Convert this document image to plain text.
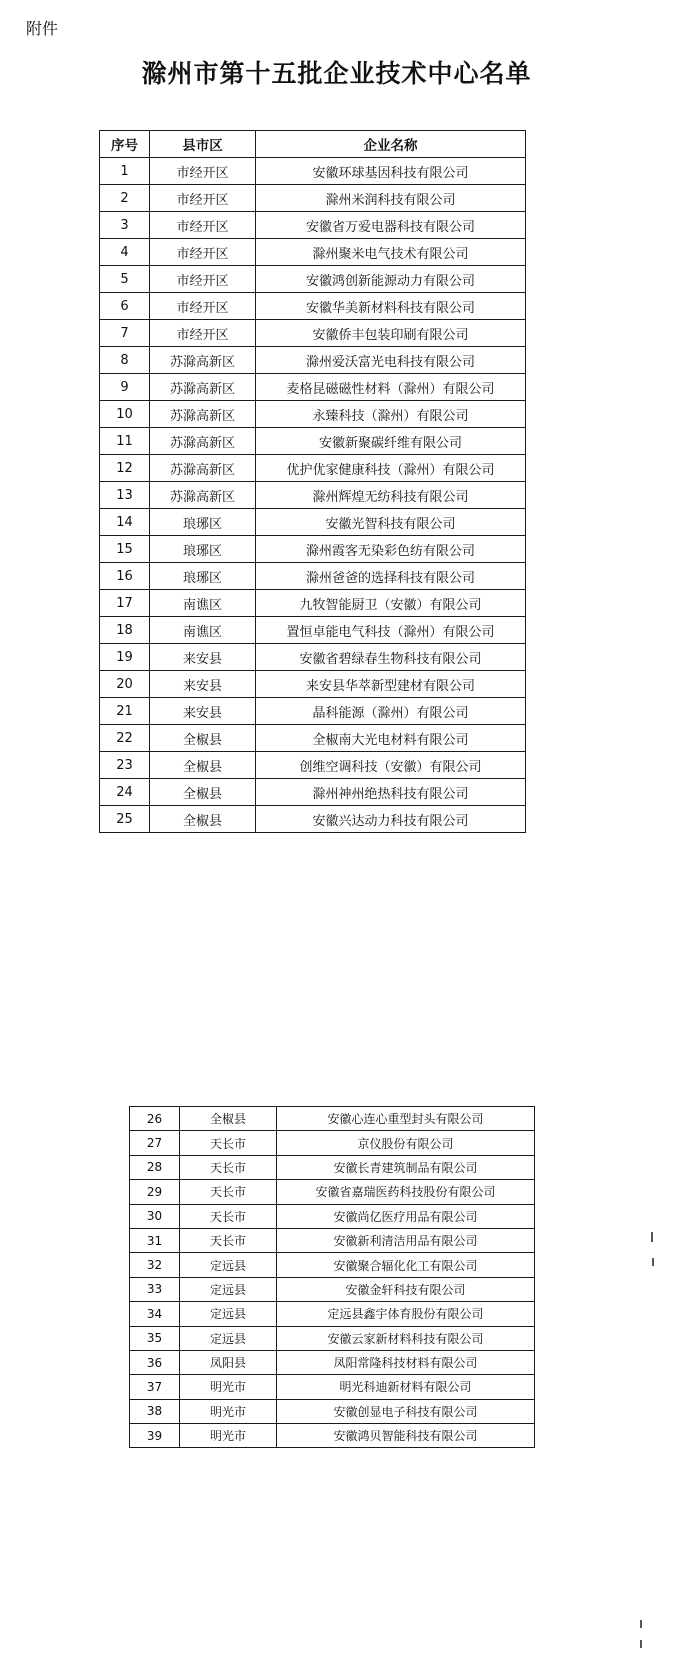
附件
滁州市第十五批企业技术中心名单
序号	县市区	企业名称
1	市经开区	安徽环球基因科技有限公司
2	市经开区	滁州米润科技有限公司
3	市经开区	安徽省万爱电器科技有限公司
4	市经开区	滁州聚米电气技术有限公司
5	市经开区	安徽鸿创新能源动力有限公司
6	市经开区	安徽华美新材料科技有限公司
7	市经开区	安徽侨丰包装印刷有限公司
8	苏滁高新区	滁州爱沃富光电科技有限公司
9	苏滁高新区	麦格昆磁磁性材料（滁州）有限公司
10	苏滁高新区	永臻科技（滁州）有限公司
11	苏滁高新区	安徽新聚碳纤维有限公司
12	苏滁高新区	优护优家健康科技（滁州）有限公司
13	苏滁高新区	滁州辉煌无纺科技有限公司
14	琅琊区	安徽光智科技有限公司
15	琅琊区	滁州霞客无染彩色纺有限公司
16	琅琊区	滁州爸爸的选择科技有限公司
17	南谯区	九牧智能厨卫（安徽）有限公司
18	南谯区	置恒卓能电气科技（滁州）有限公司
19	来安县	安徽省碧绿春生物科技有限公司
20	来安县	来安县华萃新型建材有限公司
21	来安县	晶科能源（滁州）有限公司
22	全椒县	全椒南大光电材料有限公司
23	全椒县	创维空调科技（安徽）有限公司
24	全椒县	滁州神州绝热科技有限公司
25	全椒县	安徽兴达动力科技有限公司
26	全椒县	安徽心连心重型封头有限公司
27	天长市	京仪股份有限公司
28	天长市	安徽长青建筑制品有限公司
29	天长市	安徽省嘉瑞医药科技股份有限公司
30	天长市	安徽尚亿医疗用品有限公司
31	天长市	安徽新利清洁用品有限公司
32	定远县	安徽聚合辐化化工有限公司
33	定远县	安徽金轩科技有限公司
34	定远县	定远县鑫宇体育股份有限公司
35	定远县	安徽云家新材料科技有限公司
36	凤阳县	凤阳常隆科技材料有限公司
37	明光市	明光科迪新材料有限公司
38	明光市	安徽创显电子科技有限公司
39	明光市	安徽鸿贝智能科技有限公司
